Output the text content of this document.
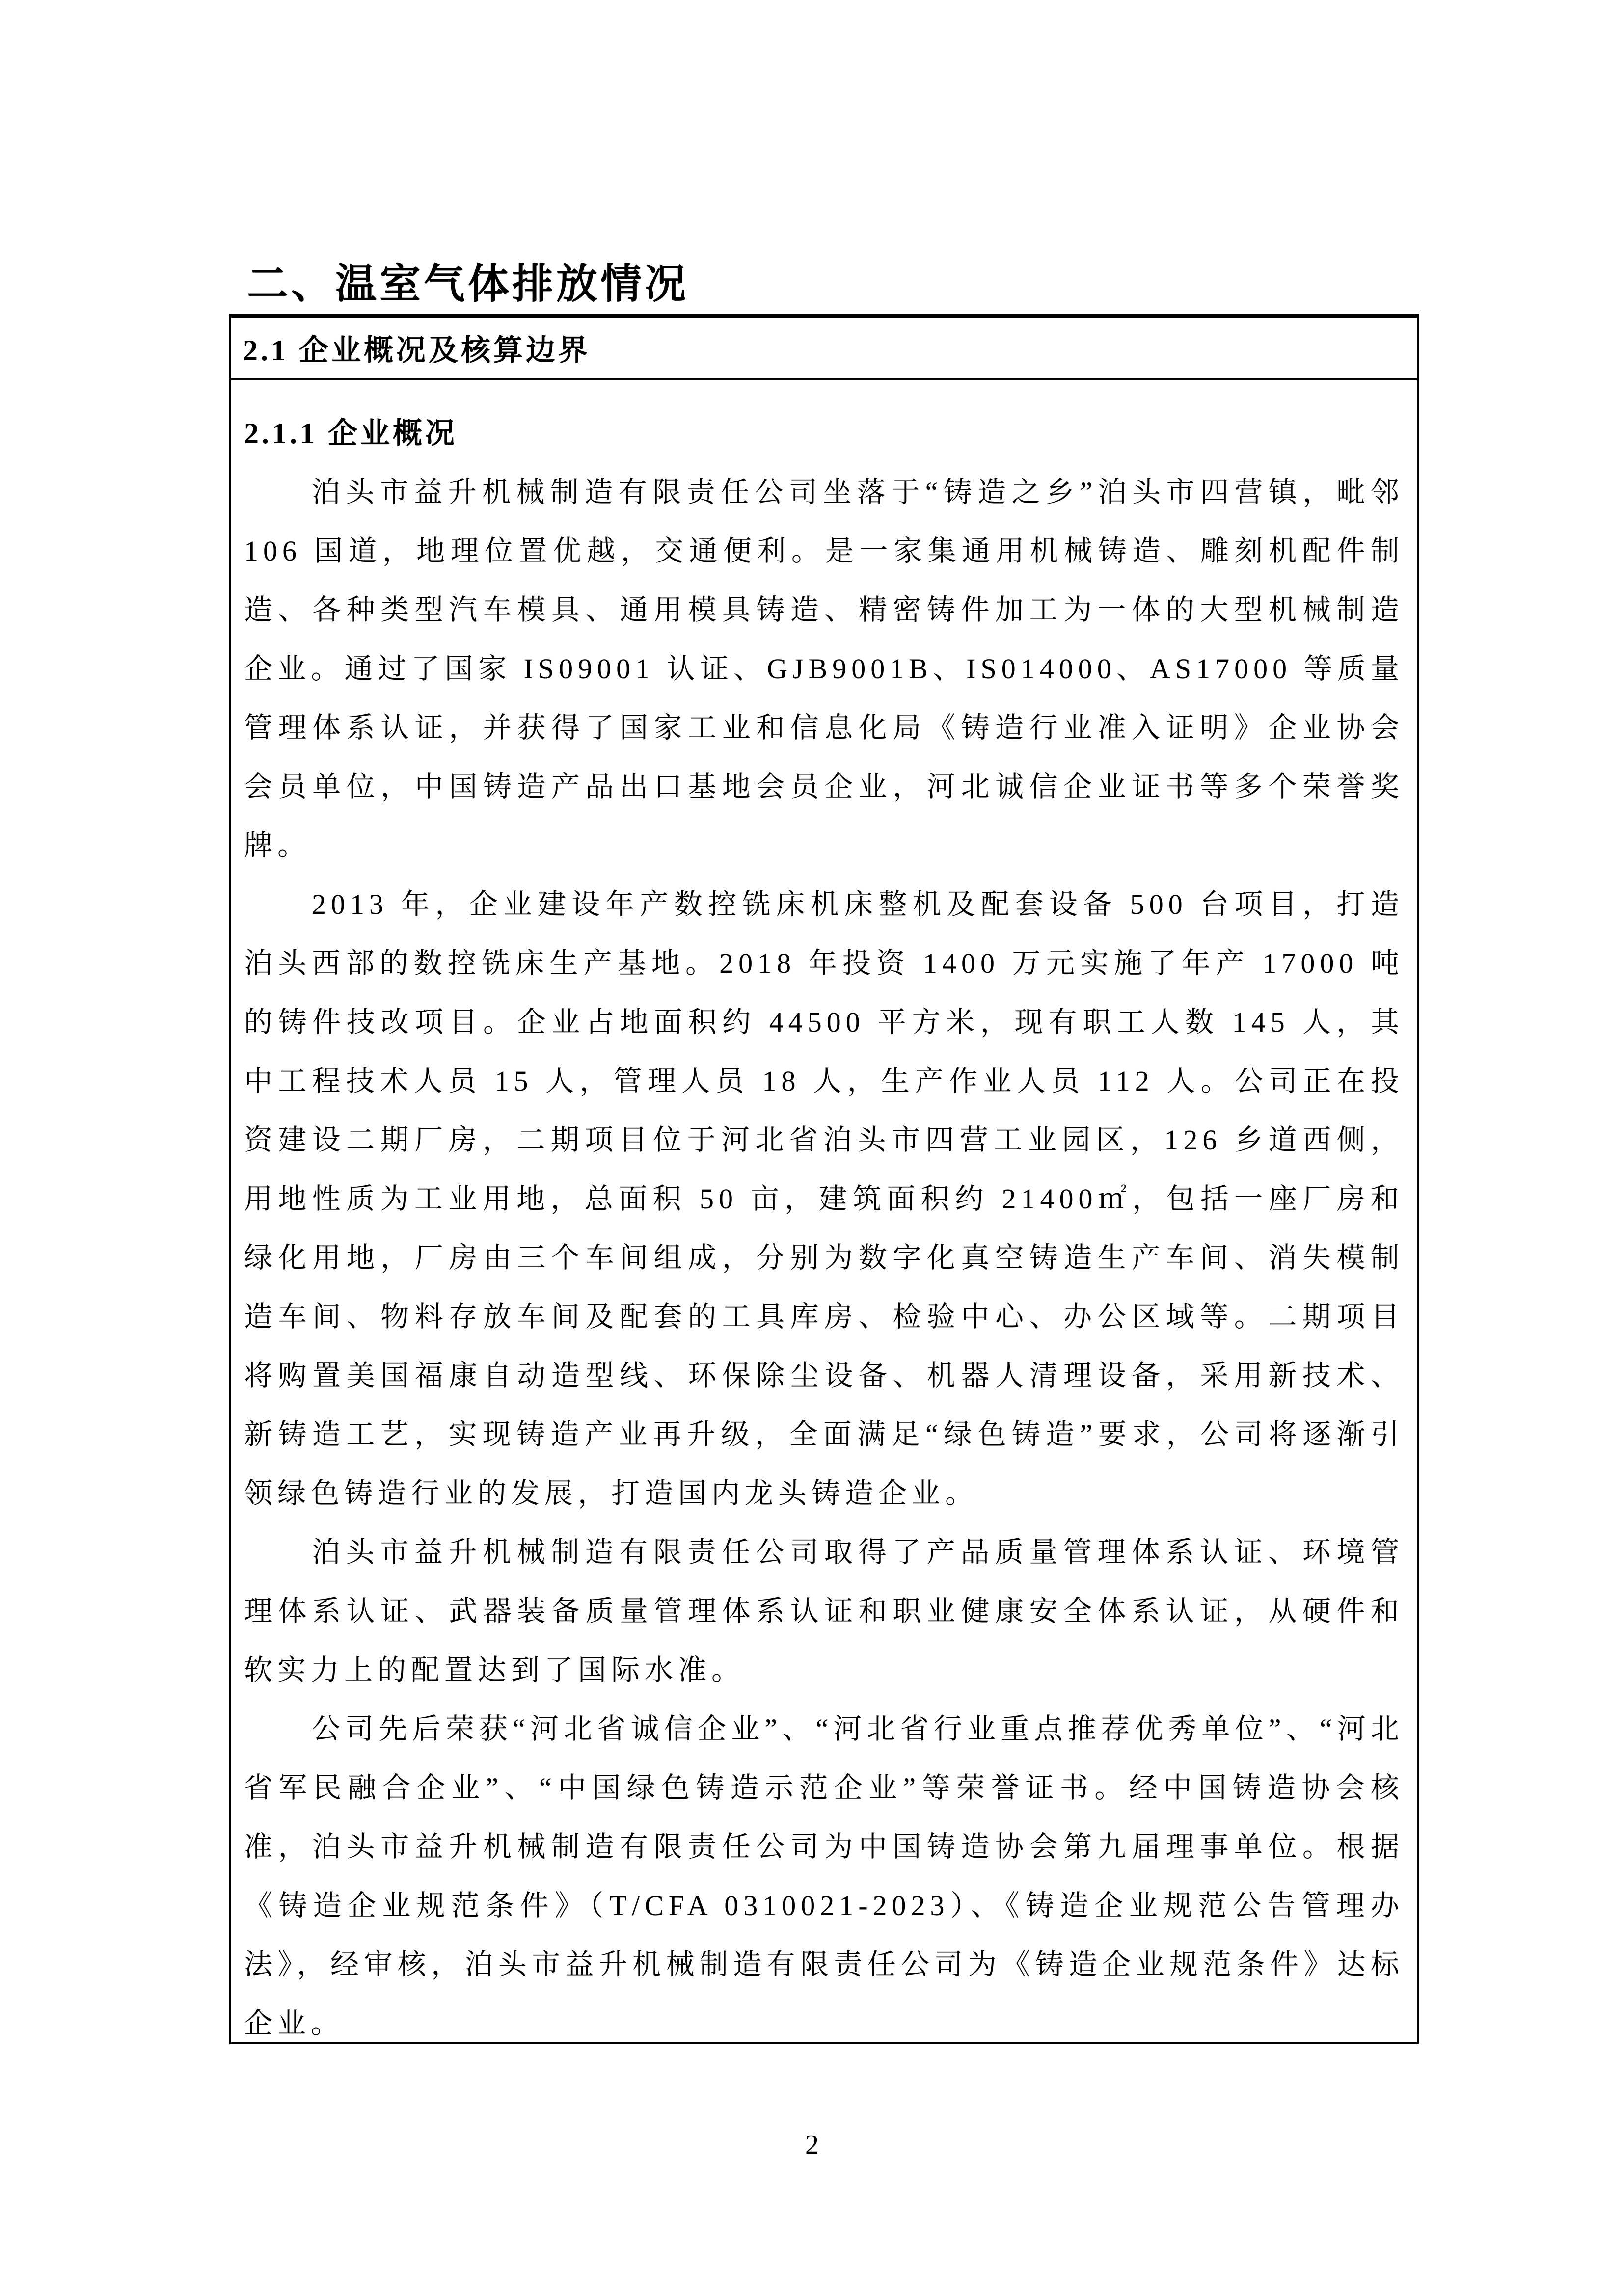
二、温室气体排放情况
2.1 企业概况及核算边界
2.1.1 企业概况

泊头市益升机械制造有限责任公司坐落于“铸造之乡”泊头市四营镇，毗邻 106 国道，地理位置优越，交通便利。是一家集通用机械铸造、雕刻机配件制造、各种类型汽车模具、通用模具铸造、精密铸件加工为一体的大型机械制造企业。通过了国家 IS09001 认证、GJB9001B、IS014000、AS17000 等质量管理体系认证，并获得了国家工业和信息化局《铸造行业准入证明》企业协会会员单位，中国铸造产品出口基地会员企业，河北诚信企业证书等多个荣誉奖牌。

2013 年，企业建设年产数控铣床机床整机及配套设备 500 台项目，打造泊头西部的数控铣床生产基地。2018 年投资 1400 万元实施了年产 17000 吨的铸件技改项目。企业占地面积约 44500 平方米，现有职工人数 145 人，其中工程技术人员 15 人，管理人员 18 人，生产作业人员 112 人。公司正在投资建设二期厂房，二期项目位于河北省泊头市四营工业园区，126 乡道西侧，用地性质为工业用地，总面积 50 亩，建筑面积约 21400㎡，包括一座厂房和绿化用地，厂房由三个车间组成，分别为数字化真空铸造生产车间、消失模制造车间、物料存放车间及配套的工具库房、检验中心、办公区域等。二期项目将购置美国福康自动造型线、环保除尘设备、机器人清理设备，采用新技术、新铸造工艺，实现铸造产业再升级，全面满足“绿色铸造”要求，公司将逐渐引领绿色铸造行业的发展，打造国内龙头铸造企业。

泊头市益升机械制造有限责任公司取得了产品质量管理体系认证、环境管理体系认证、武器装备质量管理体系认证和职业健康安全体系认证，从硬件和软实力上的配置达到了国际水准。

公司先后荣获“河北省诚信企业”、“河北省行业重点推荐优秀单位”、“河北省军民融合企业”、“中国绿色铸造示范企业”等荣誉证书。经中国铸造协会核准，泊头市益升机械制造有限责任公司为中国铸造协会第九届理事单位。根据《铸造企业规范条件》（T/CFA 0310021-2023）、《铸造企业规范公告管理办法》，经审核，泊头市益升机械制造有限责任公司为《铸造企业规范条件》达标企业。

2
